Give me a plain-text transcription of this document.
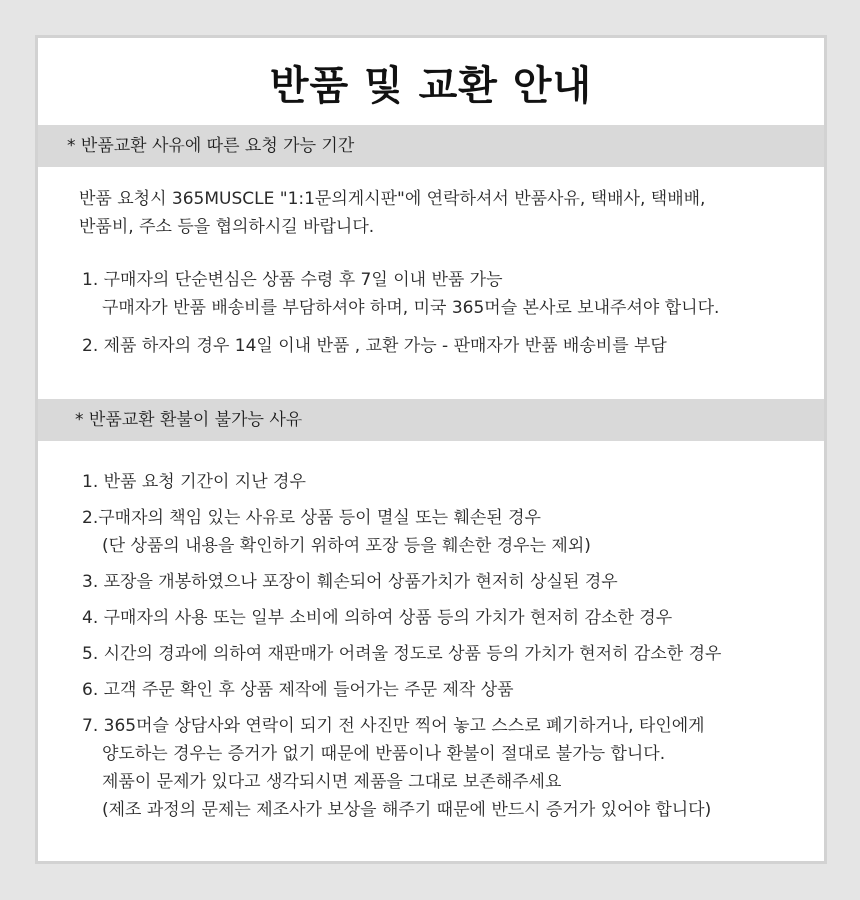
반품 및 교환 안내
* 반품교환 사유에 따른 요청 가능 기간
반품 요청시 365MUSCLE "1:1문의게시판"에 연락하셔서 반품사유, 택배사, 택배배,
반품비, 주소 등을 협의하시길 바랍니다.
1. 구매자의 단순변심은 상품 수령 후 7일 이내 반품 가능
구매자가 반품 배송비를 부담하셔야 하며, 미국 365머슬 본사로 보내주셔야 합니다.
2. 제품 하자의 경우 14일 이내 반품 , 교환 가능 - 판매자가 반품 배송비를 부담
* 반품교환 환불이 불가능 사유
1. 반품 요청 기간이 지난 경우
2.구매자의 책임 있는 사유로 상품 등이 멸실 또는 훼손된 경우
(단 상품의 내용을 확인하기 위하여 포장 등을 훼손한 경우는 제외)
3. 포장을 개봉하였으나 포장이 훼손되어 상품가치가 현저히 상실된 경우
4. 구매자의 사용 또는 일부 소비에 의하여 상품 등의 가치가 현저히 감소한 경우
5. 시간의 경과에 의하여 재판매가 어려울 정도로 상품 등의 가치가 현저히 감소한 경우
6. 고객 주문 확인 후 상품 제작에 들어가는 주문 제작 상품
7. 365머슬 상담사와 연락이 되기 전 사진만 찍어 놓고 스스로 폐기하거나, 타인에게
양도하는 경우는 증거가 없기 때문에 반품이나 환불이 절대로 불가능 합니다.
제품이 문제가 있다고 생각되시면 제품을 그대로 보존해주세요
(제조 과정의 문제는 제조사가 보상을 해주기 때문에 반드시 증거가 있어야 합니다)
